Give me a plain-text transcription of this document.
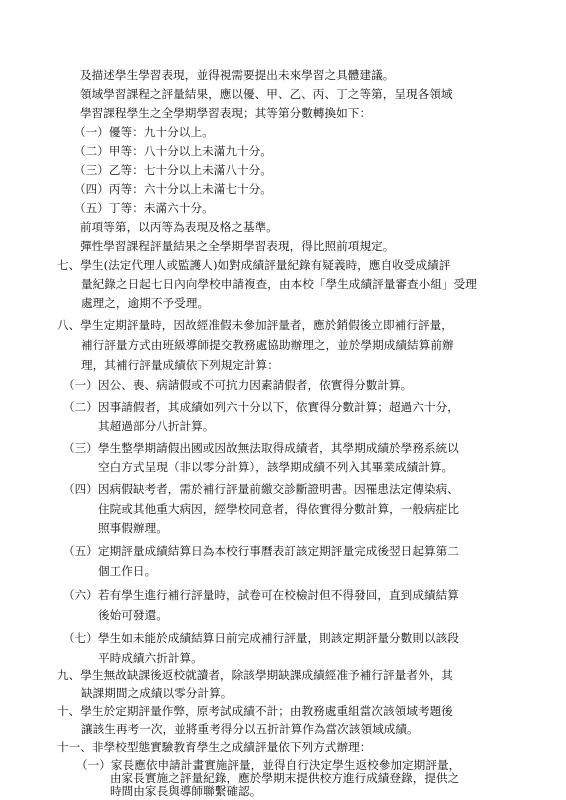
及描述學生學習表現，並得視需要提出未來學習之具體建議。
領域學習課程之評量結果，應以優、甲、乙、丙、丁之等第，呈現各領域
學習課程學生之全學期學習表現；其等第分數轉換如下：
（一）優等：九十分以上。
（二）甲等：八十分以上未滿九十分。
（三）乙等：七十分以上未滿八十分。
（四）丙等：六十分以上未滿七十分。
（五）丁等：未滿六十分。
前項等第，以丙等為表現及格之基準。
彈性學習課程評量結果之全學期學習表現，得比照前項規定。
七、學生(法定代理人或監護人)如對成績評量紀錄有疑義時，應自收受成績評
量紀錄之日起七日內向學校申請複查，由本校「學生成績評量審查小組」受理
處理之，逾期不予受理。
八、學生定期評量時，因故經准假未參加評量者，應於銷假後立即補行評量，
補行評量方式由班級導師提交教務處協助辦理之，並於學期成績結算前辦
理，其補行評量成績依下列規定計算：
（一）因公、喪、病請假或不可抗力因素請假者，依實得分數計算。
（二）因事請假者，其成績如列六十分以下，依實得分數計算；超過六十分，
其超過部分八折計算。
（三）學生整學期請假出國或因故無法取得成績者，其學期成績於學務系統以
空白方式呈現（非以零分計算），該學期成績不列入其畢業成績計算。
（四）因病假缺考者，需於補行評量前繳交診斷證明書。因罹患法定傳染病、
住院或其他重大病因，經學校同意者，得依實得分數計算，一般病症比
照事假辦理。
（五）定期評量成績結算日為本校行事曆表訂該定期評量完成後翌日起算第二
個工作日。
（六）若有學生進行補行評量時，試卷可在校檢討但不得發回，直到成績結算
後始可發還。
（七）學生如未能於成績結算日前完成補行評量，則該定期評量分數則以該段
平時成績六折計算。
九、學生無故缺課後返校就讀者，除該學期缺課成績經准予補行評量者外，其
缺課期間之成績以零分計算。
十、學生於定期評量作弊，原考試成績不計；由教務處重組當次該領域考題後
讓該生再考一次，並將重考得分以五折計算作為當次該領域成績。
十一、非學校型態實驗教育學生之成績評量依下列方式辦理：
（一）家長應依申請計畫實施評量，並得自行決定學生返校參加定期評量，
由家長實施之評量紀錄，應於學期末提供校方進行成績登錄，提供之
時間由家長與導師聯繫確認。
